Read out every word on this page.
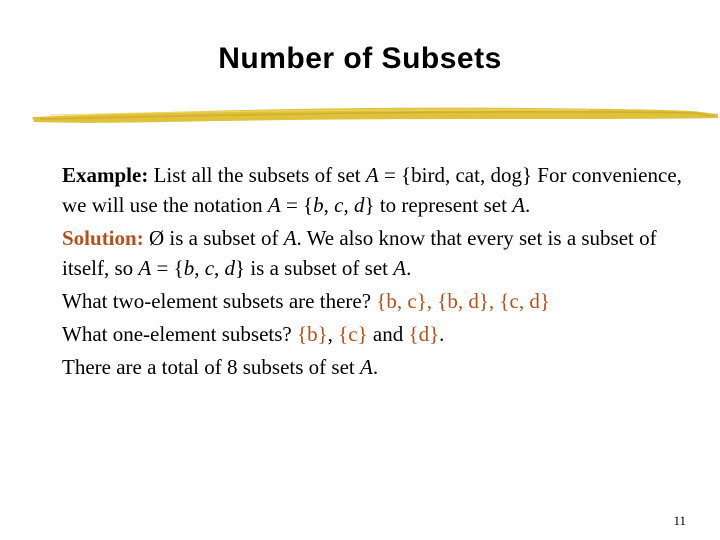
Number of Subsets

Example: List all the subsets of set A = {bird, cat, dog} For convenience, we will use the notation A = {b, c, d} to represent set A.

Solution: Ø is a subset of A. We also know that every set is a subset of itself, so A = {b, c, d} is a subset of set A.

What two-element subsets are there? {b, c}, {b, d}, {c, d}

What one-element subsets? {b}, {c} and {d}.

There are a total of 8 subsets of set A.

11
